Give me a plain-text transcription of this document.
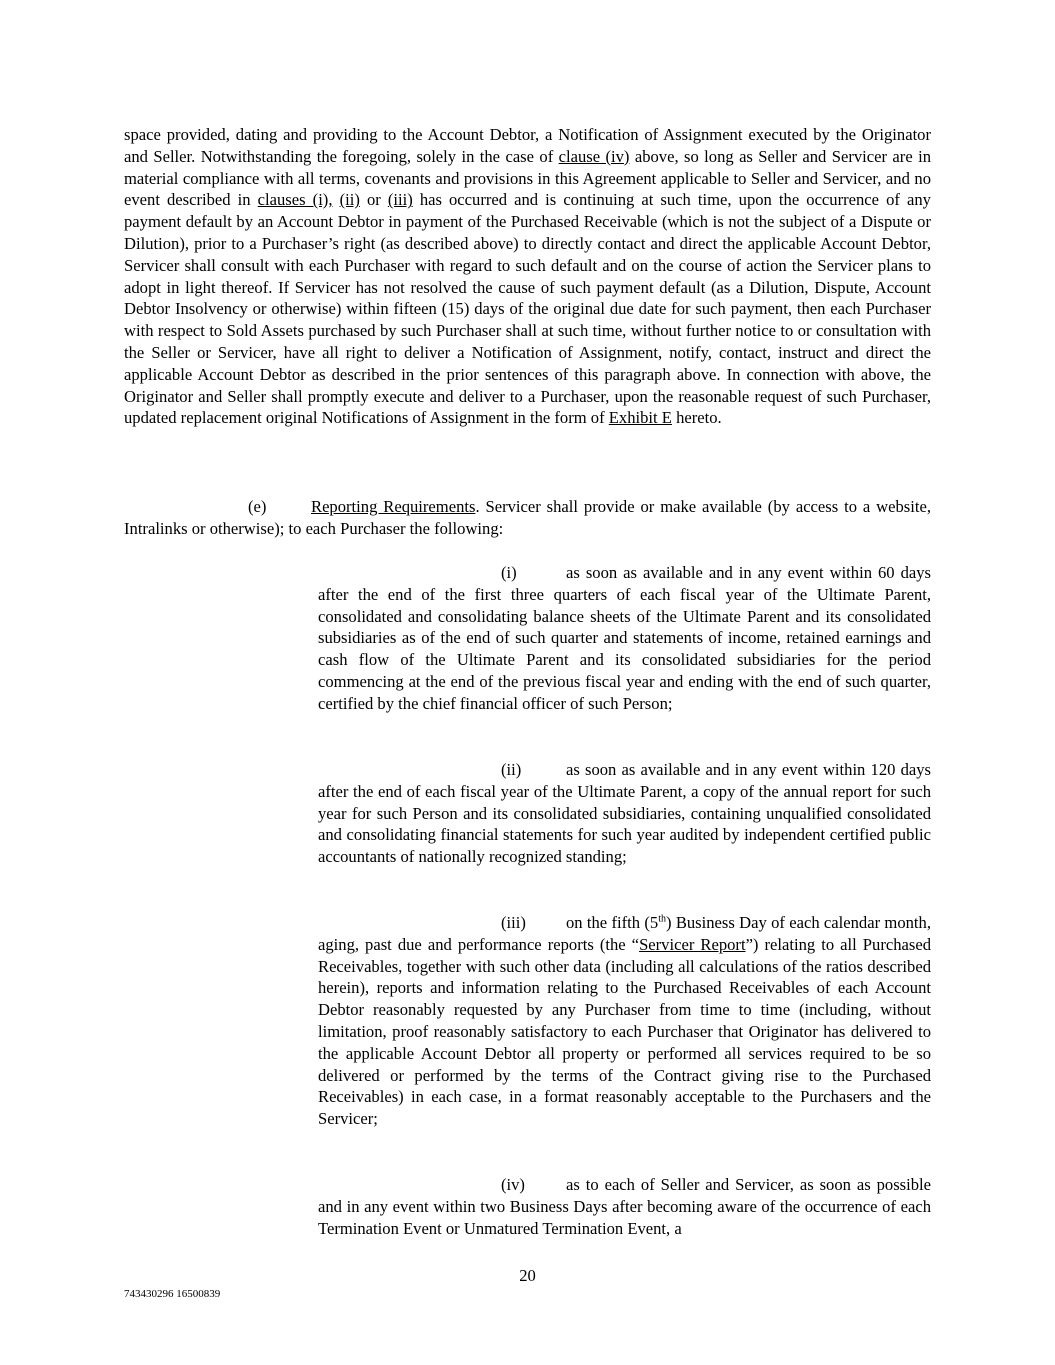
space provided, dating and providing to the Account Debtor, a Notification of Assignment executed by the Originator and Seller. Notwithstanding the foregoing, solely in the case of clause (iv) above, so long as Seller and Servicer are in material compliance with all terms, covenants and provisions in this Agreement applicable to Seller and Servicer, and no event described in clauses (i), (ii) or (iii) has occurred and is continuing at such time, upon the occurrence of any payment default by an Account Debtor in payment of the Purchased Receivable (which is not the subject of a Dispute or Dilution), prior to a Purchaser’s right (as described above) to directly contact and direct the applicable Account Debtor, Servicer shall consult with each Purchaser with regard to such default and on the course of action the Servicer plans to adopt in light thereof. If Servicer has not resolved the cause of such payment default (as a Dilution, Dispute, Account Debtor Insolvency or otherwise) within fifteen (15) days of the original due date for such payment, then each Purchaser with respect to Sold Assets purchased by such Purchaser shall at such time, without further notice to or consultation with the Seller or Servicer, have all right to deliver a Notification of Assignment, notify, contact, instruct and direct the applicable Account Debtor as described in the prior sentences of this paragraph above. In connection with above, the Originator and Seller shall promptly execute and deliver to a Purchaser, upon the reasonable request of such Purchaser, updated replacement original Notifications of Assignment in the form of Exhibit E hereto.

(e)	Reporting Requirements. Servicer shall provide or make available (by access to a website, Intralinks or otherwise); to each Purchaser the following:

(i)	as soon as available and in any event within 60 days after the end of the first three quarters of each fiscal year of the Ultimate Parent, consolidated and consolidating balance sheets of the Ultimate Parent and its consolidated subsidiaries as of the end of such quarter and statements of income, retained earnings and cash flow of the Ultimate Parent and its consolidated subsidiaries for the period commencing at the end of the previous fiscal year and ending with the end of such quarter, certified by the chief financial officer of such Person;

(ii)	as soon as available and in any event within 120 days after the end of each fiscal year of the Ultimate Parent, a copy of the annual report for such year for such Person and its consolidated subsidiaries, containing unqualified consolidated and consolidating financial statements for such year audited by independent certified public accountants of nationally recognized standing;

(iii) on the fifth (5th) Business Day of each calendar month, aging, past due and performance reports (the “Servicer Report”) relating to all Purchased Receivables, together with such other data (including all calculations of the ratios described herein), reports and information relating to the Purchased Receivables of each Account Debtor reasonably requested by any Purchaser from time to time (including, without limitation, proof reasonably satisfactory to each Purchaser that Originator has delivered to the applicable Account Debtor all property or performed all services required to be so delivered or performed by the terms of the Contract giving rise to the Purchased Receivables) in each case, in a format reasonably acceptable to the Purchasers and the Servicer;

(iv) as to each of Seller and Servicer, as soon as possible and in any event within two Business Days after becoming aware of the occurrence of each Termination Event or Unmatured Termination Event, a

20
743430296 16500839
